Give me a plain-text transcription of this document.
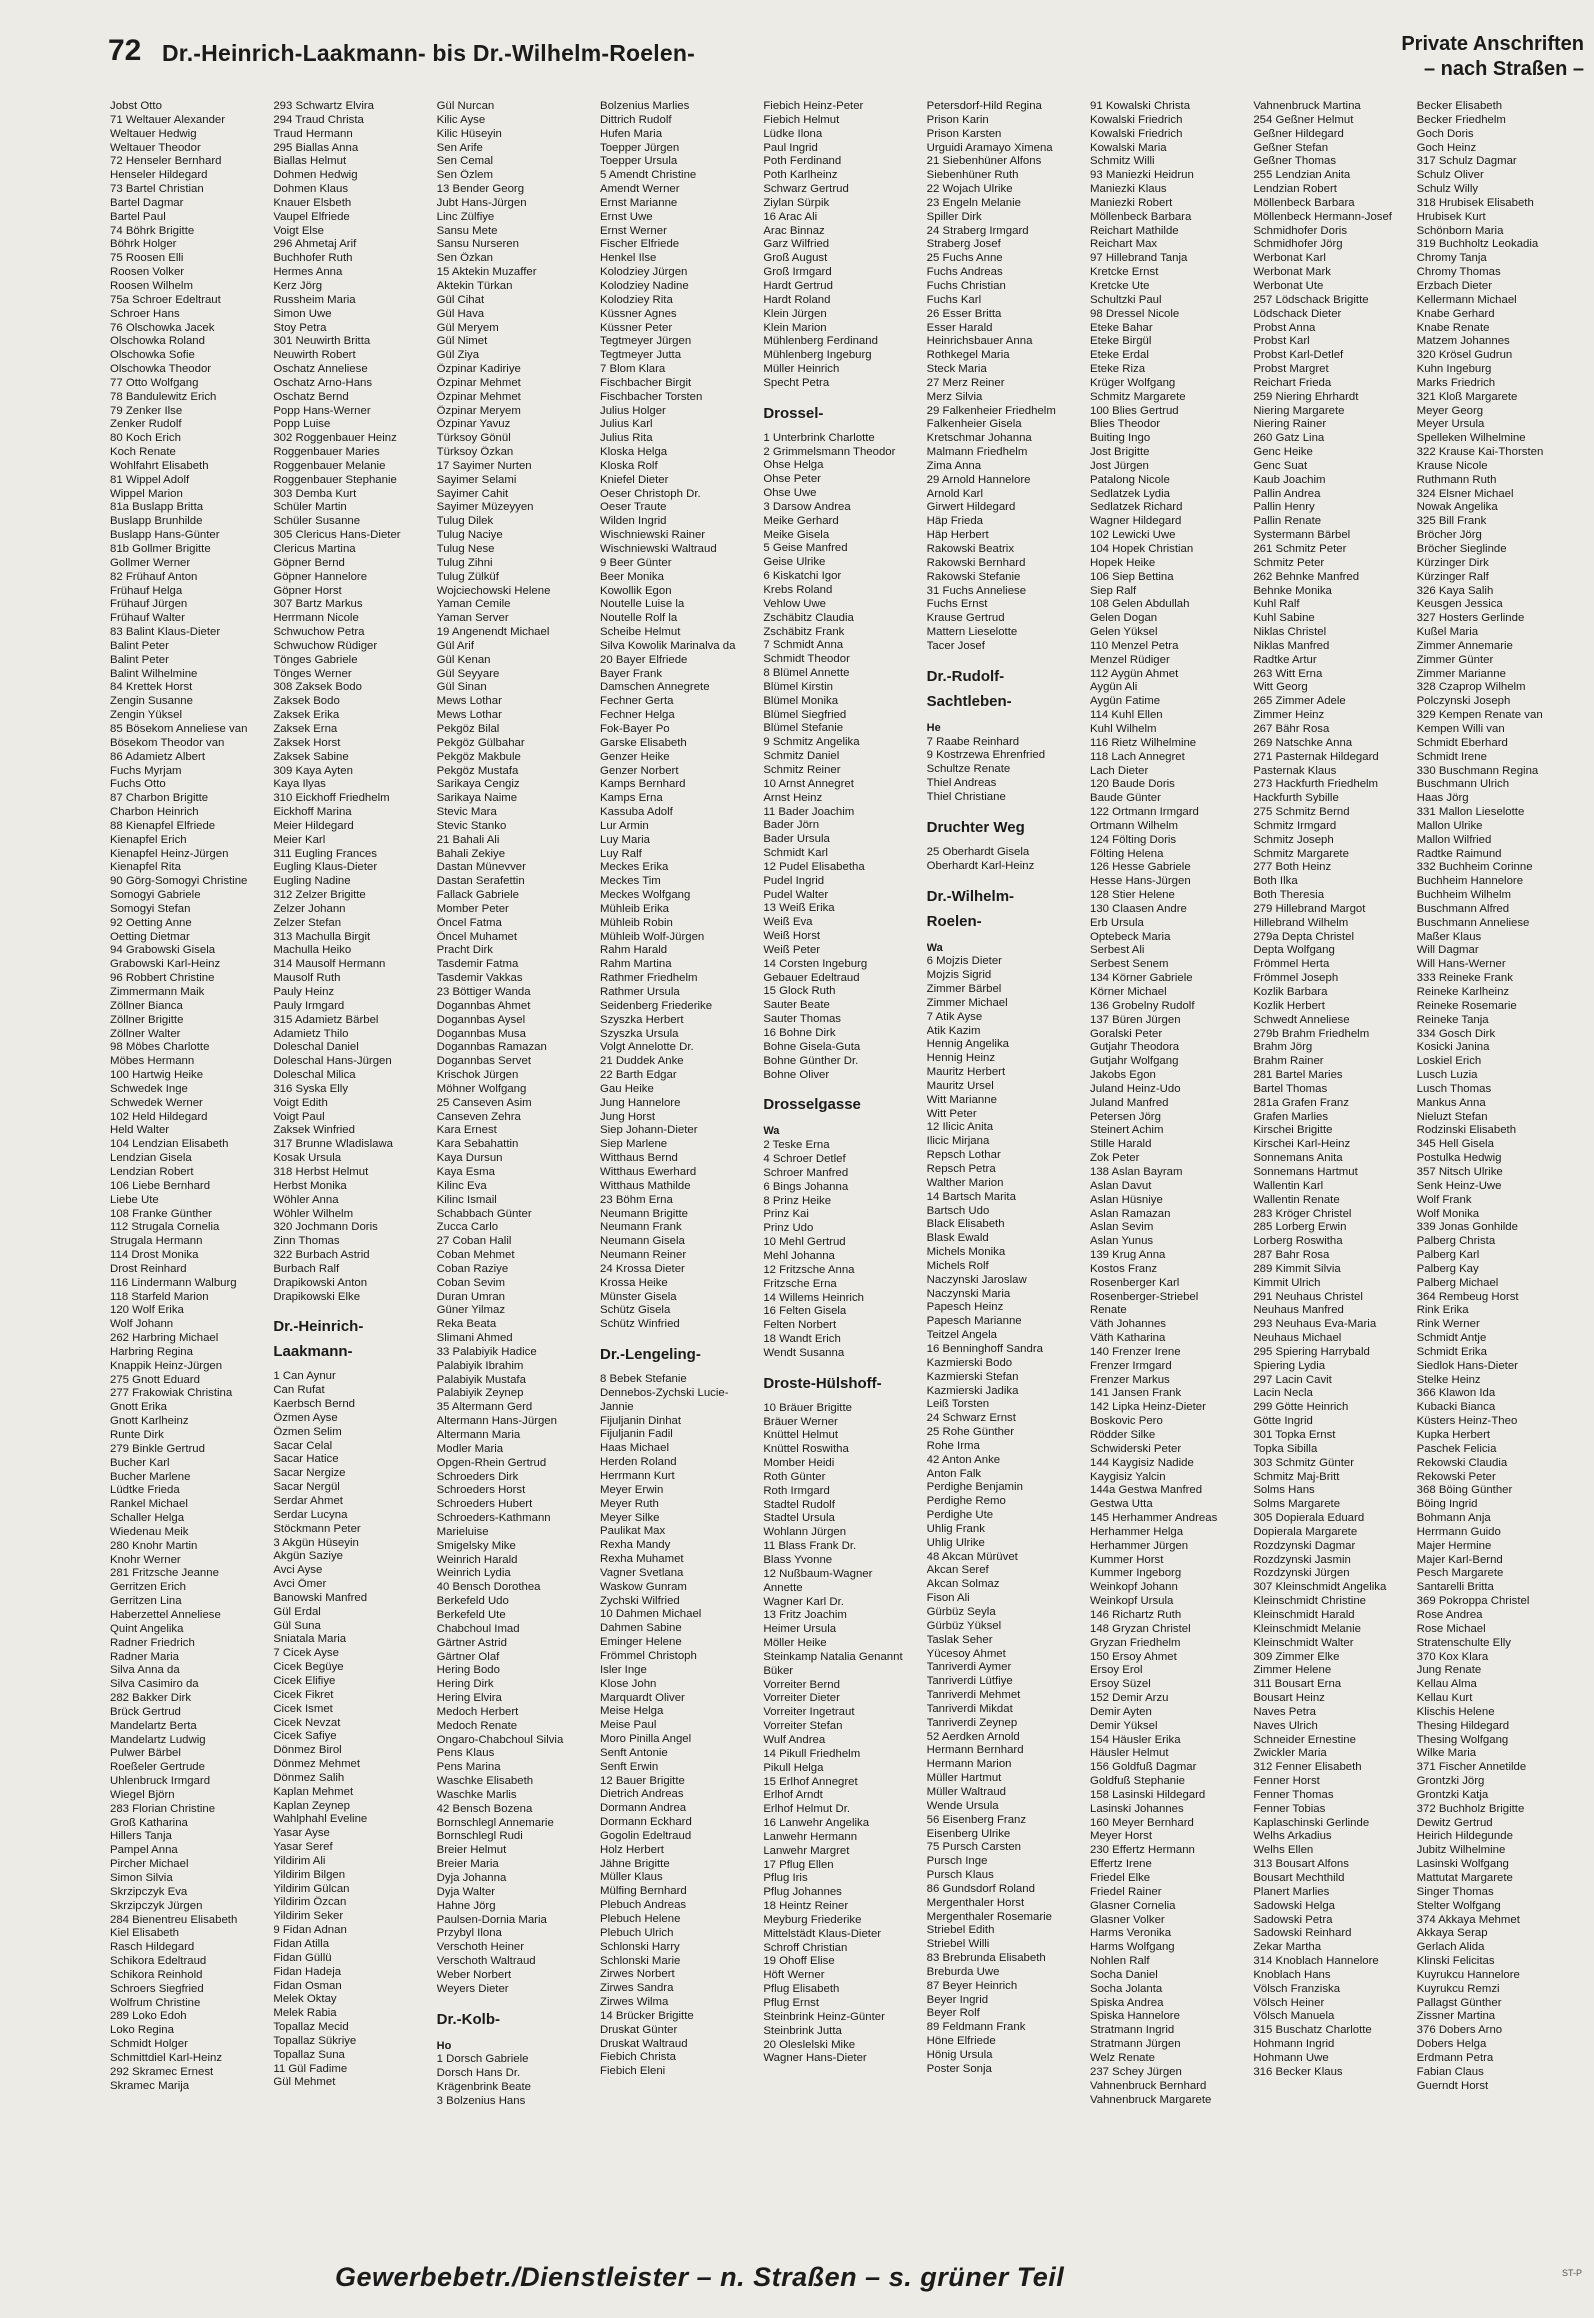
72 Dr.-Heinrich-Laakmann- bis Dr.-Wilhelm-Roelen-	Private Anschriften
– nach Straßen –
Jobst Otto
71 Weltauer Alexander
Weltauer Hedwig
Weltauer Theodor
72 Henseler Bernhard
Henseler Hildegard
73 Bartel Christian
Bartel Dagmar
Bartel Paul
74 Böhrk Brigitte
Böhrk Holger
75 Roosen Elli
Roosen Volker
Roosen Wilhelm
75a Schroer Edeltraut
Schroer Hans
76 Olschowka Jacek
Olschowka Roland
Olschowka Sofie
Olschowka Theodor
77 Otto Wolfgang
78 Bandulewitz Erich
79 Zenker Ilse
Zenker Rudolf
80 Koch Erich
Koch Renate
Wohlfahrt Elisabeth
81 Wippel Adolf
Wippel Marion
81a Buslapp Britta
Buslapp Brunhilde
Buslapp Hans-Günter
81b Gollmer Brigitte
Gollmer Werner
82 Frühauf Anton
Frühauf Helga
Frühauf Jürgen
Frühauf Walter
83 Balint Klaus-Dieter
Balint Peter
Balint Peter
Balint Wilhelmine
84 Krettek Horst
Zengin Susanne
Zengin Yüksel
85 Bösekom Anneliese van
Bösekom Theodor van
86 Adamietz Albert
Fuchs Myrjam
Fuchs Otto
87 Charbon Brigitte
Charbon Heinrich
88 Kienapfel Elfriede
Kienapfel Erich
Kienapfel Heinz-Jürgen
Kienapfel Rita
90 Görg-Somogyi Christine
Somogyi Gabriele
Somogyi Stefan
92 Oetting Anne
Oetting Dietmar
94 Grabowski Gisela
Grabowski Karl-Heinz
96 Robbert Christine
Zimmermann Maik
Zöllner Bianca
Zöllner Brigitte
Zöllner Walter
98 Möbes Charlotte
Möbes Hermann
100 Hartwig Heike
Schwedek Inge
Schwedek Werner
102 Held Hildegard
Held Walter
104 Lendzian Elisabeth
Lendzian Gisela
Lendzian Robert
106 Liebe Bernhard
Liebe Ute
108 Franke Günther
112 Strugala Cornelia
Strugala Hermann
114 Drost Monika
Drost Reinhard
116 Lindermann Walburg
118 Starfeld Marion
120 Wolf Erika
Wolf Johann
262 Harbring Michael
Harbring Regina
Knappik Heinz-Jürgen
275 Gnott Eduard
277 Frakowiak Christina
Gnott Erika
Gnott Karlheinz
Runte Dirk
279 Binkle Gertrud
Bucher Karl
Bucher Marlene
Lüdtke Frieda
Rankel Michael
Schaller Helga
Wiedenau Meik
280 Knohr Martin
Knohr Werner
281 Fritzsche Jeanne
Gerritzen Erich
Gerritzen Lina
Haberzettel Anneliese
Quint Angelika
Radner Friedrich
Radner Maria
Silva Anna da
Silva Casimiro da
282 Bakker Dirk
Brück Gertrud
Mandelartz Berta
Mandelartz Ludwig
Pulwer Bärbel
Roeßeler Gertrude
Uhlenbruck Irmgard
Wiegel Björn
283 Florian Christine
Groß Katharina
Hillers Tanja
Pampel Anna
Pircher Michael
Simon Silvia
Skrzipczyk Eva
Skrzipczyk Jürgen
284 Bienentreu Elisabeth
Kiel Elisabeth
Rasch Hildegard
Schikora Edeltraud
Schikora Reinhold
Schroers Siegfried
Wolfrum Christine
289 Loko Edoh
Loko Regina
Schmidt Holger
Schmittdiel Karl-Heinz
292 Skramec Ernest
Skramec Marija
293 Schwartz Elvira
294 Traud Christa
Traud Hermann
295 Biallas Anna
Biallas Helmut
Dohmen Hedwig
Dohmen Klaus
Knauer Elsbeth
Vaupel Elfriede
Voigt Else
296 Ahmetaj Arif
Buchhofer Ruth
Hermes Anna
Kerz Jörg
Russheim Maria
Simon Uwe
Stoy Petra
301 Neuwirth Britta
Neuwirth Robert
Oschatz Anneliese
Oschatz Arno-Hans
Oschatz Bernd
Popp Hans-Werner
Popp Luise
302 Roggenbauer Heinz
Roggenbauer Maries
Roggenbauer Melanie
Roggenbauer Stephanie
303 Demba Kurt
Schüler Martin
Schüler Susanne
305 Clericus Hans-Dieter
Clericus Martina
Göpner Bernd
Göpner Hannelore
Göpner Horst
307 Bartz Markus
Herrmann Nicole
Schwuchow Petra
Schwuchow Rüdiger
Tönges Gabriele
Tönges Werner
308 Zaksek Bodo
Zaksek Bodo
Zaksek Erika
Zaksek Erna
Zaksek Horst
Zaksek Sabine
309 Kaya Ayten
Kaya Ilyas
310 Eickhoff Friedhelm
Eickhoff Marina
Meier Hildegard
Meier Karl
311 Eugling Frances
Eugling Klaus-Dieter
Eugling Nadine
312 Zelzer Brigitte
Zelzer Johann
Zelzer Stefan
313 Machulla Birgit
Machulla Heiko
314 Mausolf Hermann
Mausolf Ruth
Pauly Heinz
Pauly Irmgard
315 Adamietz Bärbel
Adamietz Thilo
Doleschal Daniel
Doleschal Hans-Jürgen
Doleschal Milica
316 Syska Elly
Voigt Edith
Voigt Paul
Zaksek Winfried
317 Brunne Wladislawa
Kosak Ursula
318 Herbst Helmut
Herbst Monika
Wöhler Anna
Wöhler Wilhelm
320 Jochmann Doris
Zinn Thomas
322 Burbach Astrid
Burbach Ralf
Drapikowski Anton
Drapikowski Elke
Dr.-Heinrich-
Laakmann-
1 Can Aynur
Can Rufat
Kaerbsch Bernd
Özmen Ayse
Özmen Selim
Sacar Celal
Sacar Hatice
Sacar Nergize
Sacar Nergül
Serdar Ahmet
Serdar Lucyna
Stöckmann Peter
3 Akgün Hüseyin
Akgün Saziye
Avci Ayse
Avci Ömer
Banowski Manfred
Gül Erdal
Gül Suna
Sniatala Maria
7 Cicek Ayse
Cicek Begüye
Cicek Elifiye
Cicek Fikret
Cicek Ismet
Cicek Nevzat
Cicek Safiye
Dönmez Birol
Dönmez Mehmet
Dönmez Salih
Kaplan Mehmet
Kaplan Zeynep
Wahlphahl Eveline
Yasar Ayse
Yasar Seref
Yildirim Ali
Yildirim Bilgen
Yildirim Gülcan
Yildirim Özcan
Yildirim Seker
9 Fidan Adnan
Fidan Atilla
Fidan Güllü
Fidan Hadeja
Fidan Osman
Melek Oktay
Melek Rabia
Topallaz Mecid
Topallaz Sükriye
Topallaz Suna
11 Gül Fadime
Gül Mehmet
Gül Nurcan
Kilic Ayse
Kilic Hüseyin
Sen Arife
Sen Cemal
Sen Özlem
13 Bender Georg
Jubt Hans-Jürgen
Linc Zülfiye
Sansu Mete
Sansu Nurseren
Sen Özkan
15 Aktekin Muzaffer
Aktekin Türkan
Gül Cihat
Gül Hava
Gül Meryem
Gül Nimet
Gül Ziya
Özpinar Kadiriye
Özpinar Mehmet
Özpinar Mehmet
Özpinar Meryem
Özpinar Yavuz
Türksoy Gönül
Türksoy Özkan
17 Sayimer Nurten
Sayimer Selami
Sayimer Cahit
Sayimer Müzeyyen
Tulug Dilek
Tulug Naciye
Tulug Nese
Tulug Zihni
Tulug Zülküf
Wojciechowski Helene
Yaman Cemile
Yaman Server
19 Angenendt Michael
Gül Arif
Gül Kenan
Gül Seyyare
Gül Sinan
Mews Lothar
Mews Lothar
Pekgöz Bilal
Pekgöz Gülbahar
Pekgöz Makbule
Pekgöz Mustafa
Sarikaya Cengiz
Sarikaya Naime
Stevic Mara
Stevic Stanko
21 Bahali Ali
Bahali Zekiye
Dastan Münevver
Dastan Serafettin
Fallack Gabriele
Momber Peter
Öncel Fatma
Öncel Muhamet
Pracht Dirk
Tasdemir Fatma
Tasdemir Vakkas
23 Böttiger Wanda
Dogannbas Ahmet
Dogannbas Aysel
Dogannbas Musa
Dogannbas Ramazan
Dogannbas Servet
Krischok Jürgen
Möhner Wolfgang
25 Canseven Asim
Canseven Zehra
Kara Ernest
Kara Sebahattin
Kaya Dursun
Kaya Esma
Kilinc Eva
Kilinc Ismail
Schabbach Günter
Zucca Carlo
27 Coban Halil
Coban Mehmet
Coban Raziye
Coban Sevim
Duran Umran
Güner Yilmaz
Reka Beata
Slimani Ahmed
33 Palabiyik Hadice
Palabiyik Ibrahim
Palabiyik Mustafa
Palabiyik Zeynep
35 Altermann Gerd
Altermann Hans-Jürgen
Altermann Maria
Modler Maria
Opgen-Rhein Gertrud
Schroeders Dirk
Schroeders Horst
Schroeders Hubert
Schroeders-Kathmann
Marieluise
Smigelsky Mike
Weinrich Harald
Weinrich Lydia
40 Bensch Dorothea
Berkefeld Udo
Berkefeld Ute
Chabchoul Imad
Gärtner Astrid
Gärtner Olaf
Hering Bodo
Hering Dirk
Hering Elvira
Medoch Herbert
Medoch Renate
Ongaro-Chabchoul Silvia
Pens Klaus
Pens Marina
Waschke Elisabeth
Waschke Marlis
42 Bensch Bozena
Bornschlegl Annemarie
Bornschlegl Rudi
Breier Helmut
Breier Maria
Dyja Johanna
Dyja Walter
Hahne Jörg
Paulsen-Dornia Maria
Przybyl Ilona
Verschoth Heiner
Verschoth Waltraud
Weber Norbert
Weyers Dieter
Dr.-Kolb-
Ho
1 Dorsch Gabriele
Dorsch Hans Dr.
Krägenbrink Beate
3 Bolzenius Hans
Bolzenius Marlies
Dittrich Rudolf
Hufen Maria
Toepper Jürgen
Toepper Ursula
5 Amendt Christine
Amendt Werner
Ernst Marianne
Ernst Uwe
Ernst Werner
Fischer Elfriede
Henkel Ilse
Kolodziey Jürgen
Kolodziey Nadine
Kolodziey Rita
Küssner Agnes
Küssner Peter
Tegtmeyer Jürgen
Tegtmeyer Jutta
7 Blom Klara
Fischbacher Birgit
Fischbacher Torsten
Julius Holger
Julius Karl
Julius Rita
Kloska Helga
Kloska Rolf
Kniefel Dieter
Oeser Christoph Dr.
Oeser Traute
Wilden Ingrid
Wischniewski Rainer
Wischniewski Waltraud
9 Beer Günter
Beer Monika
Kowollik Egon
Noutelle Luise la
Noutelle Rolf la
Scheibe Helmut
Silva Kowolik Marinalva da
20 Bayer Elfriede
Bayer Frank
Damschen Annegrete
Fechner Gerta
Fechner Helga
Fok-Bayer Po
Garske Elisabeth
Genzer Heike
Genzer Norbert
Kamps Bernhard
Kamps Erna
Kassuba Adolf
Lur Armin
Luy Maria
Luy Ralf
Meckes Erika
Meckes Tim
Meckes Wolfgang
Mühleib Erika
Mühleib Robin
Mühleib Wolf-Jürgen
Rahm Harald
Rahm Martina
Rathmer Friedhelm
Rathmer Ursula
Seidenberg Friederike
Szyszka Herbert
Szyszka Ursula
Volgt Annelotte Dr.
21 Duddek Anke
22 Barth Edgar
Gau Heike
Jung Hannelore
Jung Horst
Siep Johann-Dieter
Siep Marlene
Witthaus Bernd
Witthaus Ewerhard
Witthaus Mathilde
23 Böhm Erna
Neumann Brigitte
Neumann Frank
Neumann Gisela
Neumann Reiner
24 Krossa Dieter
Krossa Heike
Münster Gisela
Schütz Gisela
Schütz Winfried
Dr.-Lengeling-
8 Bebek Stefanie
Dennebos-Zychski Lucie-
Jannie
Fijuljanin Dinhat
Fijuljanin Fadil
Haas Michael
Herden Roland
Herrmann Kurt
Meyer Erwin
Meyer Ruth
Meyer Silke
Paulikat Max
Rexha Mandy
Rexha Muhamet
Vagner Svetlana
Waskow Gunram
Zychski Wilfried
10 Dahmen Michael
Dahmen Sabine
Eminger Helene
Frömmel Christoph
Isler Inge
Klose John
Marquardt Oliver
Meise Helga
Meise Paul
Moro Pinilla Angel
Senft Antonie
Senft Erwin
12 Bauer Brigitte
Dietrich Andreas
Dormann Andrea
Dormann Eckhard
Gogolin Edeltraud
Holz Herbert
Jähne Brigitte
Müller Klaus
Mülfing Bernhard
Plebuch Andreas
Plebuch Helene
Plebuch Ulrich
Schlonski Harry
Schlonski Marie
Zirwes Norbert
Zirwes Sandra
Zirwes Wilma
14 Brücker Brigitte
Druskat Günter
Druskat Waltraud
Fiebich Christa
Fiebich Eleni
Fiebich Heinz-Peter
Fiebich Helmut
Lüdke Ilona
Paul Ingrid
Poth Ferdinand
Poth Karlheinz
Schwarz Gertrud
Ziylan Sürpik
16 Arac Ali
Arac Binnaz
Garz Wilfried
Groß August
Groß Irmgard
Hardt Gertrud
Hardt Roland
Klein Jürgen
Klein Marion
Mühlenberg Ferdinand
Mühlenberg Ingeburg
Müller Heinrich
Specht Petra
Drossel-
1 Unterbrink Charlotte
2 Grimmelsmann Theodor
Ohse Helga
Ohse Peter
Ohse Uwe
3 Darsow Andrea
Meike Gerhard
Meike Gisela
5 Geise Manfred
Geise Ulrike
6 Kiskatchi Igor
Krebs Roland
Vehlow Uwe
Zschäbitz Claudia
Zschäbitz Frank
7 Schmidt Anna
Schmidt Theodor
8 Blümel Annette
Blümel Kirstin
Blümel Monika
Blümel Siegfried
Blümel Stefanie
9 Schmitz Angelika
Schmitz Daniel
Schmitz Reiner
10 Arnst Annegret
Arnst Heinz
11 Bader Joachim
Bader Jörn
Bader Ursula
Schmidt Karl
12 Pudel Elisabetha
Pudel Ingrid
Pudel Walter
13 Weiß Erika
Weiß Eva
Weiß Horst
Weiß Peter
14 Corsten Ingeburg
Gebauer Edeltraud
15 Glock Ruth
Sauter Beate
Sauter Thomas
16 Bohne Dirk
Bohne Gisela-Guta
Bohne Günther Dr.
Bohne Oliver
Drosselgasse
Wa
2 Teske Erna
4 Schroer Detlef
Schroer Manfred
6 Bings Johanna
8 Prinz Heike
Prinz Kai
Prinz Udo
10 Mehl Gertrud
Mehl Johanna
12 Fritzsche Anna
Fritzsche Erna
14 Willems Heinrich
16 Felten Gisela
Felten Norbert
18 Wandt Erich
Wendt Susanna
Droste-Hülshoff-
10 Bräuer Brigitte
Bräuer Werner
Knüttel Helmut
Knüttel Roswitha
Momber Heidi
Roth Günter
Roth Irmgard
Stadtel Rudolf
Stadtel Ursula
Wohlann Jürgen
11 Blass Frank Dr.
Blass Yvonne
12 Nußbaum-Wagner
Annette
Wagner Karl Dr.
13 Fritz Joachim
Heimer Ursula
Möller Heike
Steinkamp Natalia Genannt
Büker
Vorreiter Bernd
Vorreiter Dieter
Vorreiter Ingetraut
Vorreiter Stefan
Wulf Andrea
14 Pikull Friedhelm
Pikull Helga
15 Erlhof Annegret
Erlhof Arndt
Erlhof Helmut Dr.
16 Lanwehr Angelika
Lanwehr Hermann
Lanwehr Margret
17 Pflug Ellen
Pflug Iris
Pflug Johannes
18 Heintz Reiner
Meyburg Friederike
Mittelstädt Klaus-Dieter
Schroff Christian
19 Ohoff Elise
Höft Werner
Pflug Elisabeth
Pflug Ernst
Steinbrink Heinz-Günter
Steinbrink Jutta
20 Oleslelski Mike
Wagner Hans-Dieter
Petersdorf-Hild Regina
Prison Karin
Prison Karsten
Urguidi Aramayo Ximena
21 Siebenhüner Alfons
Siebenhüner Ruth
22 Wojach Ulrike
23 Engeln Melanie
Spiller Dirk
24 Straberg Irmgard
Straberg Josef
25 Fuchs Anne
Fuchs Andreas
Fuchs Christian
Fuchs Karl
26 Esser Britta
Esser Harald
Heinrichsbauer Anna
Rothkegel Maria
Steck Maria
27 Merz Reiner
Merz Silvia
29 Falkenheier Friedhelm
Falkenheier Gisela
Kretschmar Johanna
Malmann Friedhelm
Zima Anna
29 Arnold Hannelore
Arnold Karl
Girwert Hildegard
Häp Frieda
Häp Herbert
Rakowski Beatrix
Rakowski Bernhard
Rakowski Stefanie
31 Fuchs Anneliese
Fuchs Ernst
Krause Gertrud
Mattern Lieselotte
Tacer Josef
Dr.-Rudolf-
Sachtleben-
He
7 Raabe Reinhard
9 Kostrzewa Ehrenfried
Schultze Renate
Thiel Andreas
Thiel Christiane
Druchter Weg
25 Oberhardt Gisela
Oberhardt Karl-Heinz
Dr.-Wilhelm-
Roelen-
Wa
6 Mojzis Dieter
Mojzis Sigrid
Zimmer Bärbel
Zimmer Michael
7 Atik Ayse
Atik Kazim
Hennig Angelika
Hennig Heinz
Mauritz Herbert
Mauritz Ursel
Witt Marianne
Witt Peter
12 Ilicic Anita
Ilicic Mirjana
Repsch Lothar
Repsch Petra
Walther Marion
14 Bartsch Marita
Bartsch Udo
Black Elisabeth
Blask Ewald
Michels Monika
Michels Rolf
Naczynski Jaroslaw
Naczynski Maria
Papesch Heinz
Papesch Marianne
Teitzel Angela
16 Benninghoff Sandra
Kazmierski Bodo
Kazmierski Stefan
Kazmierski Jadika
Leiß Torsten
24 Schwarz Ernst
25 Rohe Günther
Rohe Irma
42 Anton Anke
Anton Falk
Perdighe Benjamin
Perdighe Remo
Perdighe Ute
Uhlig Frank
Uhlig Ulrike
48 Akcan Mürüvet
Akcan Seref
Akcan Solmaz
Fison Ali
Gürbüz Seyla
Gürbüz Yüksel
Taslak Seher
Yücesoy Ahmet
Tanriverdi Aymer
Tanriverdi Lütfiye
Tanriverdi Mehmet
Tanriverdi Mikdat
Tanriverdi Zeynep
52 Aerdken Arnold
Hermann Bernhard
Hermann Marion
Müller Hartmut
Müller Waltraud
Wende Ursula
56 Eisenberg Franz
Eisenberg Ulrike
75 Pursch Carsten
Pursch Inge
Pursch Klaus
86 Gundsdorf Roland
Mergenthaler Horst
Mergenthaler Rosemarie
Striebel Edith
Striebel Willi
83 Brebrunda Elisabeth
Breburda Uwe
87 Beyer Heinrich
Beyer Ingrid
Beyer Rolf
89 Feldmann Frank
Höne Elfriede
Hönig Ursula
Poster Sonja
91 Kowalski Christa
Kowalski Friedrich
Kowalski Friedrich
Kowalski Maria
Schmitz Willi
93 Maniezki Heidrun
Maniezki Klaus
Maniezki Robert
Möllenbeck Barbara
Reichart Mathilde
Reichart Max
97 Hillebrand Tanja
Kretcke Ernst
Kretcke Ute
Schultzki Paul
98 Dressel Nicole
Eteke Bahar
Eteke Birgül
Eteke Erdal
Eteke Riza
Krüger Wolfgang
Schmitz Margarete
100 Blies Gertrud
Blies Theodor
Buiting Ingo
Jost Brigitte
Jost Jürgen
Patalong Nicole
Sedlatzek Lydia
Sedlatzek Richard
Wagner Hildegard
102 Lewicki Uwe
104 Hopek Christian
Hopek Heike
106 Siep Bettina
Siep Ralf
108 Gelen Abdullah
Gelen Dogan
Gelen Yüksel
110 Menzel Petra
Menzel Rüdiger
112 Aygün Ahmet
Aygün Ali
Aygün Fatime
114 Kuhl Ellen
Kuhl Wilhelm
116 Rietz Wilhelmine
118 Lach Annegret
Lach Dieter
120 Baude Doris
Baude Günter
122 Ortmann Irmgard
Ortmann Wilhelm
124 Fölting Doris
Fölting Helena
126 Hesse Gabriele
Hesse Hans-Jürgen
128 Stier Helene
130 Claasen Andre
Erb Ursula
Optebeck Maria
Serbest Ali
Serbest Senem
134 Körner Gabriele
Körner Michael
136 Grobelny Rudolf
137 Büren Jürgen
Goralski Peter
Gutjahr Theodora
Gutjahr Wolfgang
Jakobs Egon
Juland Heinz-Udo
Juland Manfred
Petersen Jörg
Steinert Achim
Stille Harald
Zok Peter
138 Aslan Bayram
Aslan Davut
Aslan Hüsniye
Aslan Ramazan
Aslan Sevim
Aslan Yunus
139 Krug Anna
Kostos Franz
Rosenberger Karl
Rosenberger-Striebel
Renate
Väth Johannes
Väth Katharina
140 Frenzer Irene
Frenzer Irmgard
Frenzer Markus
141 Jansen Frank
142 Lipka Heinz-Dieter
Boskovic Pero
Rödder Silke
Schwiderski Peter
144 Kaygisiz Nadide
Kaygisiz Yalcin
144a Gestwa Manfred
Gestwa Utta
145 Herhammer Andreas
Herhammer Helga
Herhammer Jürgen
Kummer Horst
Kummer Ingeborg
Weinkopf Johann
Weinkopf Ursula
146 Richartz Ruth
148 Gryzan Christel
Gryzan Friedhelm
150 Ersoy Ahmet
Ersoy Erol
Ersoy Süzel
152 Demir Arzu
Demir Ayten
Demir Yüksel
154 Häusler Erika
Häusler Helmut
156 Goldfuß Dagmar
Goldfuß Stephanie
158 Lasinski Hildegard
Lasinski Johannes
160 Meyer Bernhard
Meyer Horst
230 Effertz Hermann
Effertz Irene
Friedel Elke
Friedel Rainer
Glasner Cornelia
Glasner Volker
Harms Veronika
Harms Wolfgang
Nohlen Ralf
Socha Daniel
Socha Jolanta
Spiska Andrea
Spiska Hannelore
Stratmann Ingrid
Stratmann Jürgen
Welz Renate
237 Schey Jürgen
Vahnenbruck Bernhard
Vahnenbruck Margarete
Vahnenbruck Martina
254 Geßner Helmut
Geßner Hildegard
Geßner Stefan
Geßner Thomas
255 Lendzian Anita
Lendzian Robert
Möllenbeck Barbara
Möllenbeck Hermann-Josef
Schmidhofer Doris
Schmidhofer Jörg
Werbonat Karl
Werbonat Mark
Werbonat Ute
257 Lödschack Brigitte
Lödschack Dieter
Probst Anna
Probst Karl
Probst Karl-Detlef
Probst Margret
Reichart Frieda
259 Niering Ehrhardt
Niering Margarete
Niering Rainer
260 Gatz Lina
Genc Heike
Genc Suat
Kaub Joachim
Pallin Andrea
Pallin Henry
Pallin Renate
Systermann Bärbel
261 Schmitz Peter
Schmitz Peter
262 Behnke Manfred
Behnke Monika
Kuhl Ralf
Kuhl Sabine
Niklas Christel
Niklas Manfred
Radtke Artur
263 Witt Erna
Witt Georg
265 Zimmer Adele
Zimmer Heinz
267 Bähr Rosa
269 Natschke Anna
271 Pasternak Hildegard
Pasternak Klaus
273 Hackfurth Friedhelm
Hackfurth Sybille
275 Schmitz Bernd
Schmitz Irmgard
Schmitz Joseph
Schmitz Margarete
277 Both Heinz
Both Ilka
Both Theresia
279 Hillebrand Margot
Hillebrand Wilhelm
279a Depta Christel
Depta Wolfgang
Frömmel Herta
Frömmel Joseph
Kozlik Barbara
Kozlik Herbert
Schwedt Anneliese
279b Brahm Friedhelm
Brahm Jörg
Brahm Rainer
281 Bartel Maries
Bartel Thomas
281a Grafen Franz
Grafen Marlies
Kirschei Brigitte
Kirschei Karl-Heinz
Sonnemans Anita
Sonnemans Hartmut
Wallentin Karl
Wallentin Renate
283 Kröger Christel
285 Lorberg Erwin
Lorberg Roswitha
287 Bahr Rosa
289 Kimmit Silvia
Kimmit Ulrich
291 Neuhaus Christel
Neuhaus Manfred
293 Neuhaus Eva-Maria
Neuhaus Michael
295 Spiering Harrybald
Spiering Lydia
297 Lacin Cavit
Lacin Necla
299 Götte Heinrich
Götte Ingrid
301 Topka Ernst
Topka Sibilla
303 Schmitz Günter
Schmitz Maj-Britt
Solms Hans
Solms Margarete
305 Dopierala Eduard
Dopierala Margarete
Rozdzynski Dagmar
Rozdzynski Jasmin
Rozdzynski Jürgen
307 Kleinschmidt Angelika
Kleinschmidt Christine
Kleinschmidt Harald
Kleinschmidt Melanie
Kleinschmidt Walter
309 Zimmer Elke
Zimmer Helene
311 Bousart Erna
Bousart Heinz
Naves Petra
Naves Ulrich
Schneider Ernestine
Zwickler Maria
312 Fenner Elisabeth
Fenner Horst
Fenner Thomas
Fenner Tobias
Kaplaschinski Gerlinde
Welhs Arkadius
Welhs Ellen
313 Bousart Alfons
Bousart Mechthild
Planert Marlies
Sadowski Helga
Sadowski Petra
Sadowski Reinhard
Zekar Martha
314 Knoblach Hannelore
Knoblach Hans
Völsch Franziska
Völsch Heiner
Völsch Manuela
315 Buschatz Charlotte
Hohmann Ingrid
Hohmann Uwe
316 Becker Klaus
Becker Elisabeth
Becker Friedhelm
Goch Doris
Goch Heinz
317 Schulz Dagmar
Schulz Oliver
Schulz Willy
318 Hrubisek Elisabeth
Hrubisek Kurt
Schönborn Maria
319 Buchholtz Leokadia
Chromy Tanja
Chromy Thomas
Erzbach Dieter
Kellermann Michael
Knabe Gerhard
Knabe Renate
Matzem Johannes
320 Krösel Gudrun
Kuhn Ingeburg
Marks Friedrich
321 Kloß Margarete
Meyer Georg
Meyer Ursula
Spelleken Wilhelmine
322 Krause Kai-Thorsten
Krause Nicole
Ruthmann Ruth
324 Elsner Michael
Nowak Angelika
325 Bill Frank
Bröcher Jörg
Bröcher Sieglinde
Kürzinger Dirk
Kürzinger Ralf
326 Kaya Salih
Keusgen Jessica
327 Hosters Gerlinde
Kußel Maria
Zimmer Annemarie
Zimmer Günter
Zimmer Marianne
328 Czaprop Wilhelm
Polczynski Joseph
329 Kempen Renate van
Kempen Willi van
Schmidt Eberhard
Schmidt Irene
330 Buschmann Regina
Buschmann Ulrich
Haas Jörg
331 Mallon Lieselotte
Mallon Ulrike
Mallon Wilfried
Radtke Raimund
332 Buchheim Corinne
Buchheim Hannelore
Buchheim Wilhelm
Buschmann Alfred
Buschmann Anneliese
Maßer Klaus
Will Dagmar
Will Hans-Werner
333 Reineke Frank
Reineke Karlheinz
Reineke Rosemarie
Reineke Tanja
334 Gosch Dirk
Kosicki Janina
Loskiel Erich
Lusch Luzia
Lusch Thomas
Mankus Anna
Nieluzt Stefan
Rodzinski Elisabeth
345 Hell Gisela
Postulka Hedwig
357 Nitsch Ulrike
Senk Heinz-Uwe
Wolf Frank
Wolf Monika
339 Jonas Gonhilde
Palberg Christa
Palberg Karl
Palberg Kay
Palberg Michael
364 Rembeug Horst
Rink Erika
Rink Werner
Schmidt Antje
Schmidt Erika
Siedlok Hans-Dieter
Stelke Heinz
366 Klawon Ida
Kubacki Bianca
Küsters Heinz-Theo
Kupka Herbert
Paschek Felicia
Rekowski Claudia
Rekowski Peter
368 Böing Günther
Böing Ingrid
Bohmann Anja
Herrmann Guido
Majer Hermine
Majer Karl-Bernd
Pesch Margarete
Santarelli Britta
369 Pokroppa Christel
Rose Andrea
Rose Michael
Stratenschulte Elly
370 Kox Klara
Jung Renate
Kellau Alma
Kellau Kurt
Klischis Helene
Thesing Hildegard
Thesing Wolfgang
Wilke Maria
371 Fischer Annetilde
Grontzki Jörg
Grontzki Katja
372 Buchholz Brigitte
Dewitz Gertrud
Heirich Hildegunde
Jubitz Wilhelmine
Lasinski Wolfgang
Mattutat Margarete
Singer Thomas
Stelter Wolfgang
374 Akkaya Mehmet
Akkaya Serap
Gerlach Alida
Klinski Felicitas
Kuyrukcu Hannelore
Kuyrukcu Remzi
Pallagst Günther
Zissner Martina
376 Dobers Arno
Dobers Helga
Erdmann Petra
Fabian Claus
Guerndt Horst
Gewerbebetr./Dienstleister – n. Straßen – s. grüner Teil	ST-P
